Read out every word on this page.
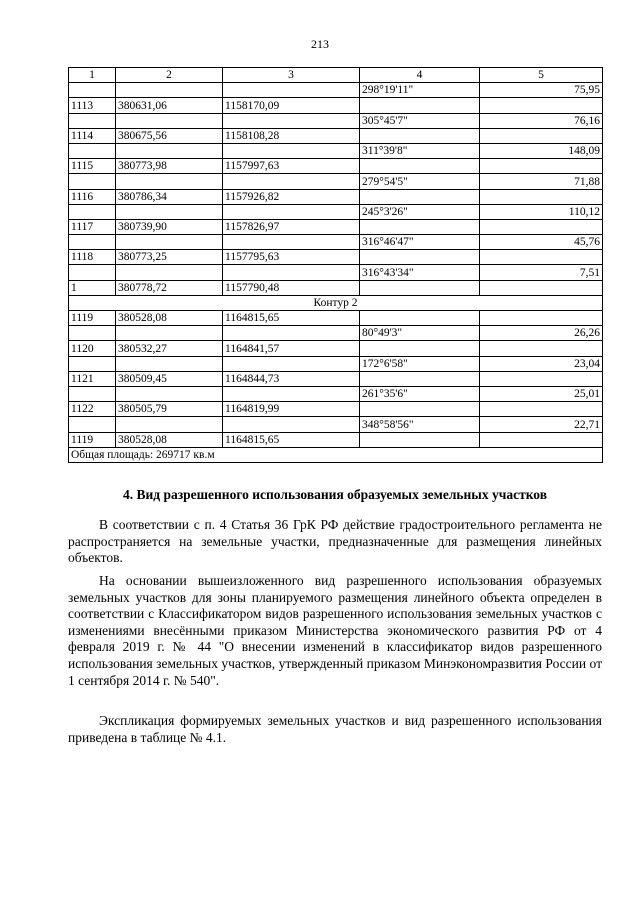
213
1	2	3	4	5
			298°19'11"	75,95
1113	380631,06	1158170,09		
			305°45'7"	76,16
1114	380675,56	1158108,28		
			311°39'8"	148,09
1115	380773,98	1157997,63		
			279°54'5"	71,88
1116	380786,34	1157926,82		
			245°3'26"	110,12
1117	380739,90	1157826,97		
			316°46'47"	45,76
1118	380773,25	1157795,63		
			316°43'34"	7,51
1	380778,72	1157790,48		
Контур 2				
1119	380528,08	1164815,65		
			80°49'3"	26,26
1120	380532,27	1164841,57		
			172°6'58"	23,04
1121	380509,45	1164844,73		
			261°35'6"	25,01
1122	380505,79	1164819,99		
			348°58'56"	22,71
1119	380528,08	1164815,65		
Общая площадь: 269717 кв.м				
4. Вид разрешенного использования образуемых земельных участков

В соответствии с п. 4 Статья 36 ГрК РФ действие градостроительного регламента не распространяется на земельные участки, предназначенные для размещения линейных объектов.

На основании вышеизложенного вид разрешенного использования образуемых земельных участков для зоны планируемого размещения линейного объекта определен в соответствии с Классификатором видов разрешенного использования земельных участков с изменениями внесёнными приказом Министерства экономического развития РФ от 4 февраля 2019 г. № 44 "О внесении изменений в классификатор видов разрешенного использования земельных участков, утвержденный приказом Минэкономразвития России от 1 сентября 2014 г. № 540".

Экспликация формируемых земельных участков и вид разрешенного использования приведена в таблице № 4.1.
